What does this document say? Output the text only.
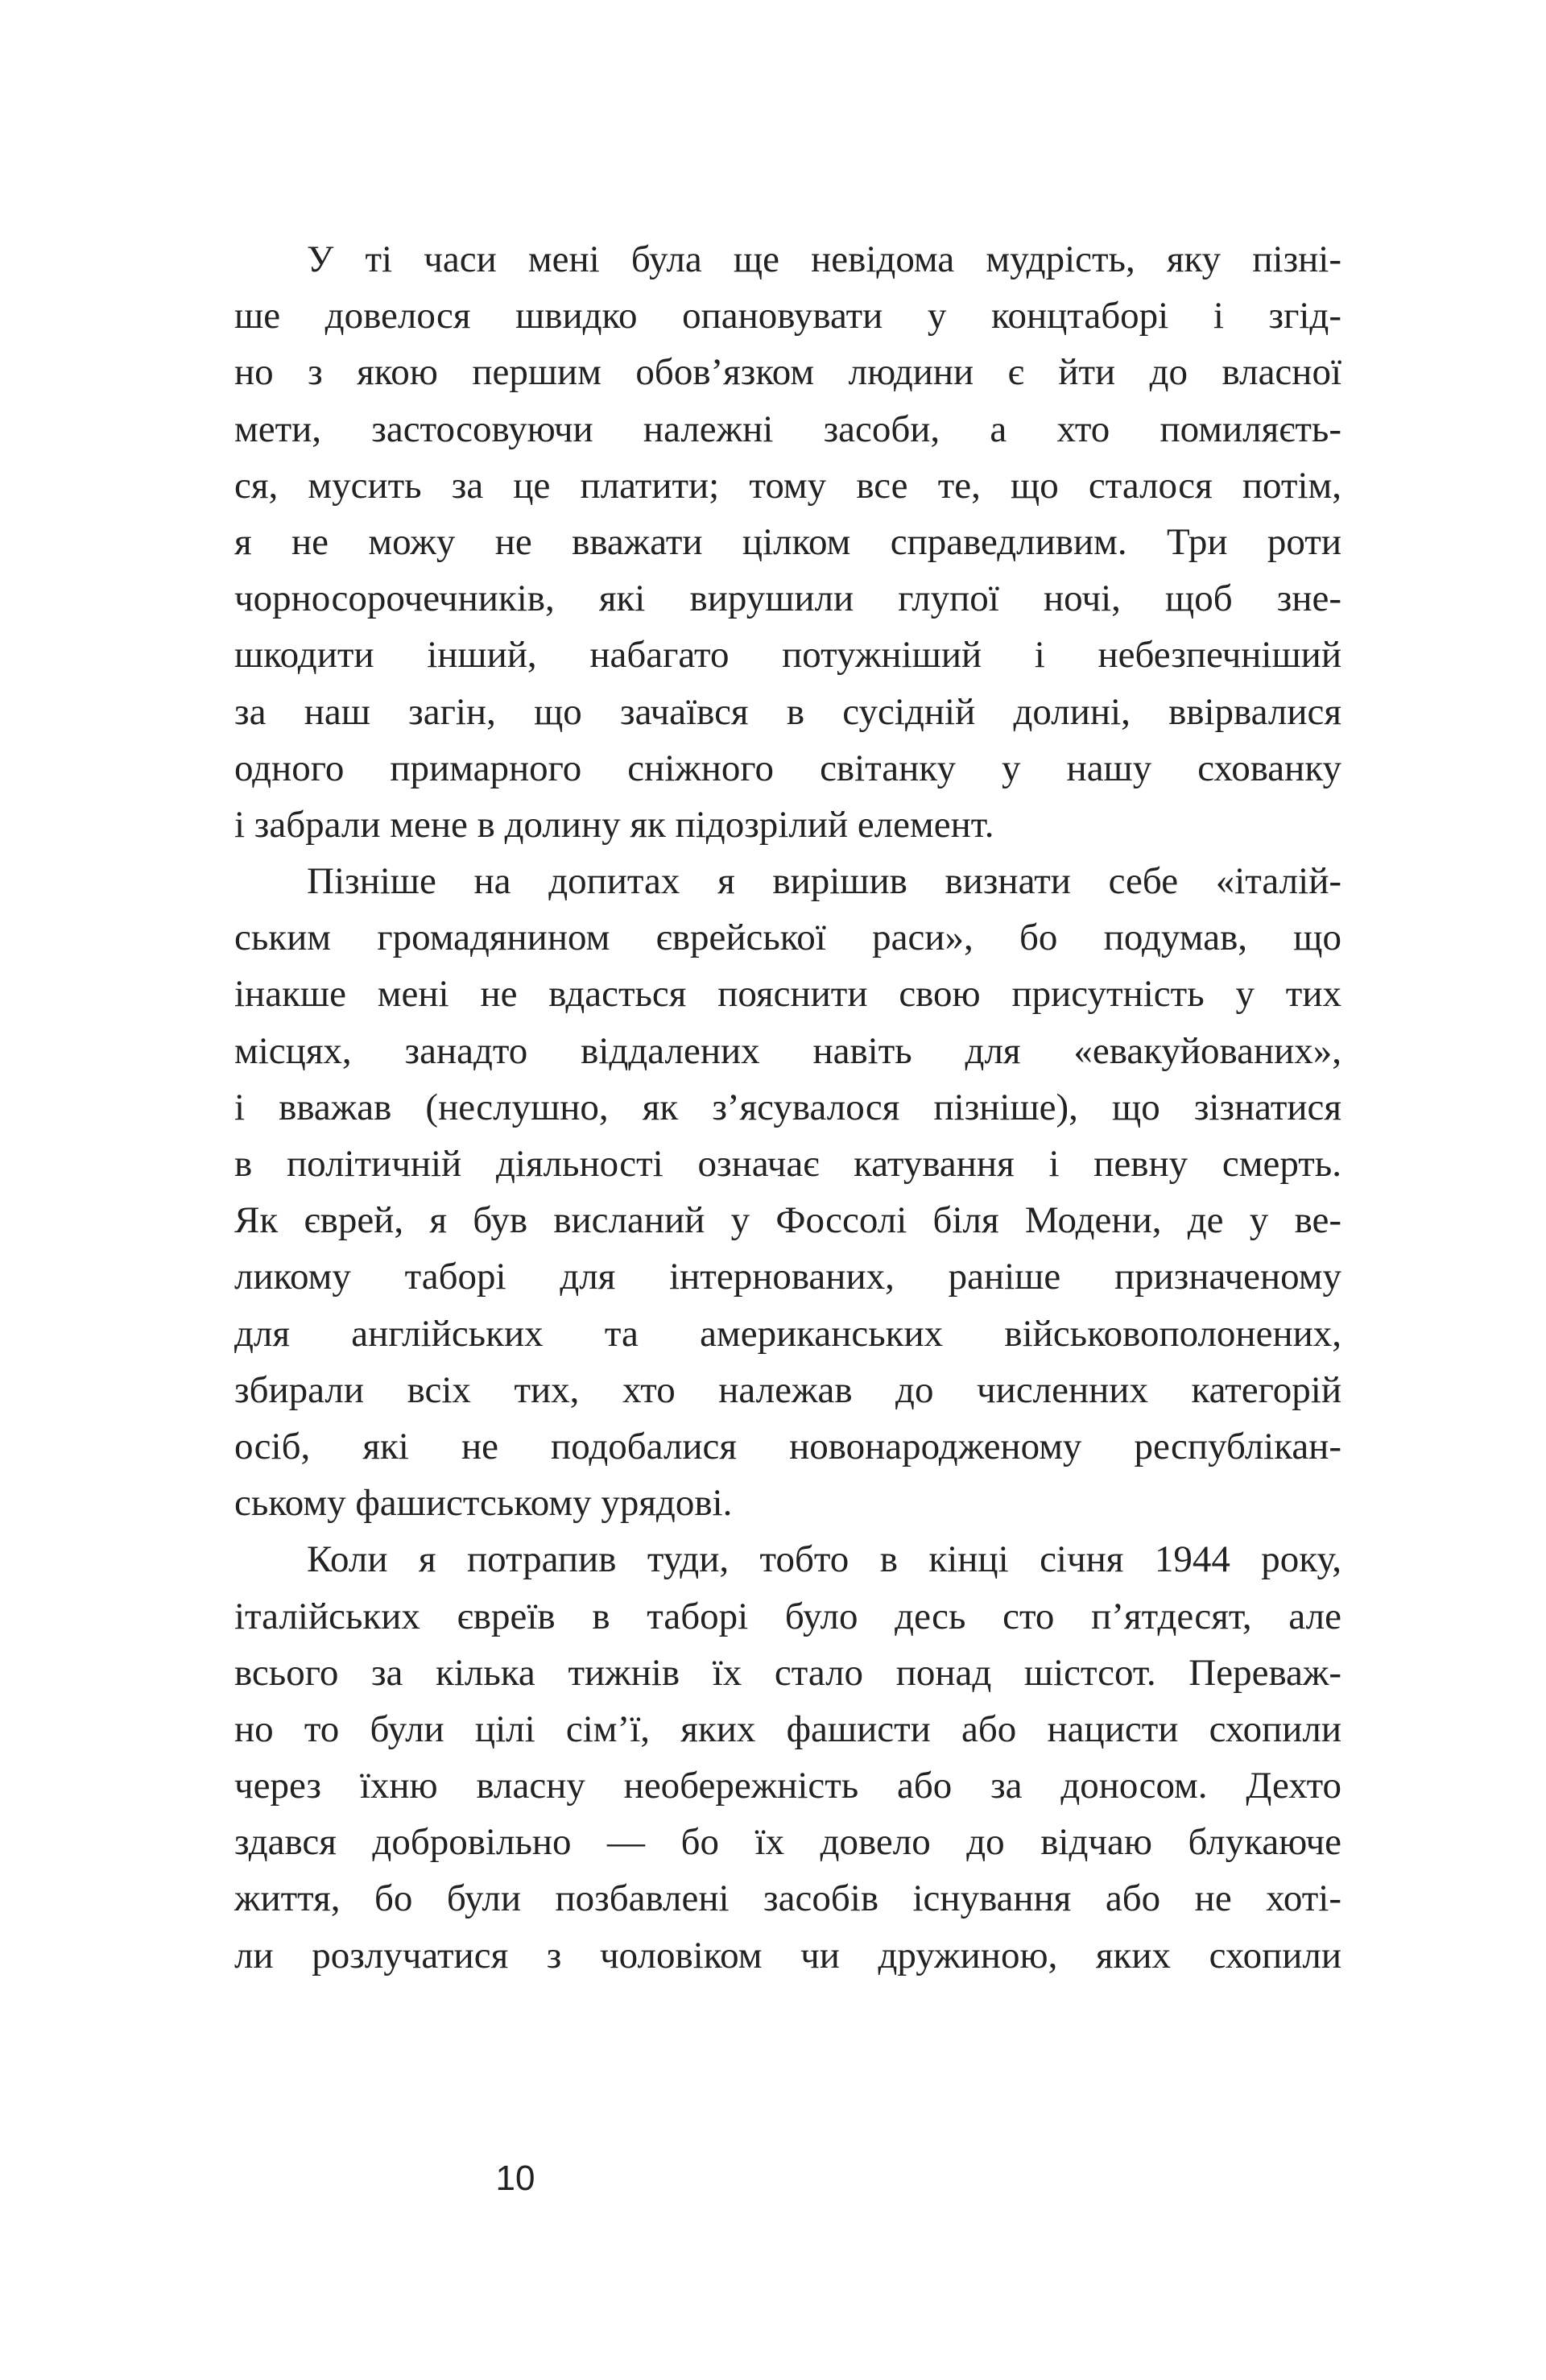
У ті часи мені була ще невідома мудрість, яку пізні-
ше довелося швидко опановувати у концтаборі і згід-
но з якою першим обов’язком людини є йти до власної
мети, застосовуючи належні засоби, а хто помиляєть-
ся, мусить за це платити; тому все те, що сталося потім,
я не можу не вважати цілком справедливим. Три роти
чорносорочечників, які вирушили глупої ночі, щоб зне-
шкодити інший, набагато потужніший і небезпечніший
за наш загін, що зачаївся в сусідній долині, ввірвалися
одного примарного сніжного світанку у нашу схованку
і забрали мене в долину як підозрілий елемент.
Пізніше на допитах я вирішив визнати себе «італій-
ським громадянином єврейської раси», бо подумав, що
інакше мені не вдасться пояснити свою присутність у тих
місцях, занадто віддалених навіть для «евакуйованих»,
і вважав (неслушно, як з’ясувалося пізніше), що зізнатися
в політичній діяльності означає катування і певну смерть.
Як єврей, я був висланий у Фоссолі біля Модени, де у ве-
ликому таборі для інтернованих, раніше призначеному
для англійських та американських військовополонених,
збирали всіх тих, хто належав до численних категорій
осіб, які не подобалися новонародженому республікан-
ському фашистському урядові.
Коли я потрапив туди, тобто в кінці січня 1944 року,
італійських євреїв в таборі було десь сто п’ятдесят, але
всього за кілька тижнів їх стало понад шістсот. Переваж-
но то були цілі сім’ї, яких фашисти або нацисти схопили
через їхню власну необережність або за доносом. Дехто
здався добровільно — бо їх довело до відчаю блукаюче
життя, бо були позбавлені засобів існування або не хоті-
ли розлучатися з чоловіком чи дружиною, яких схопили
10
